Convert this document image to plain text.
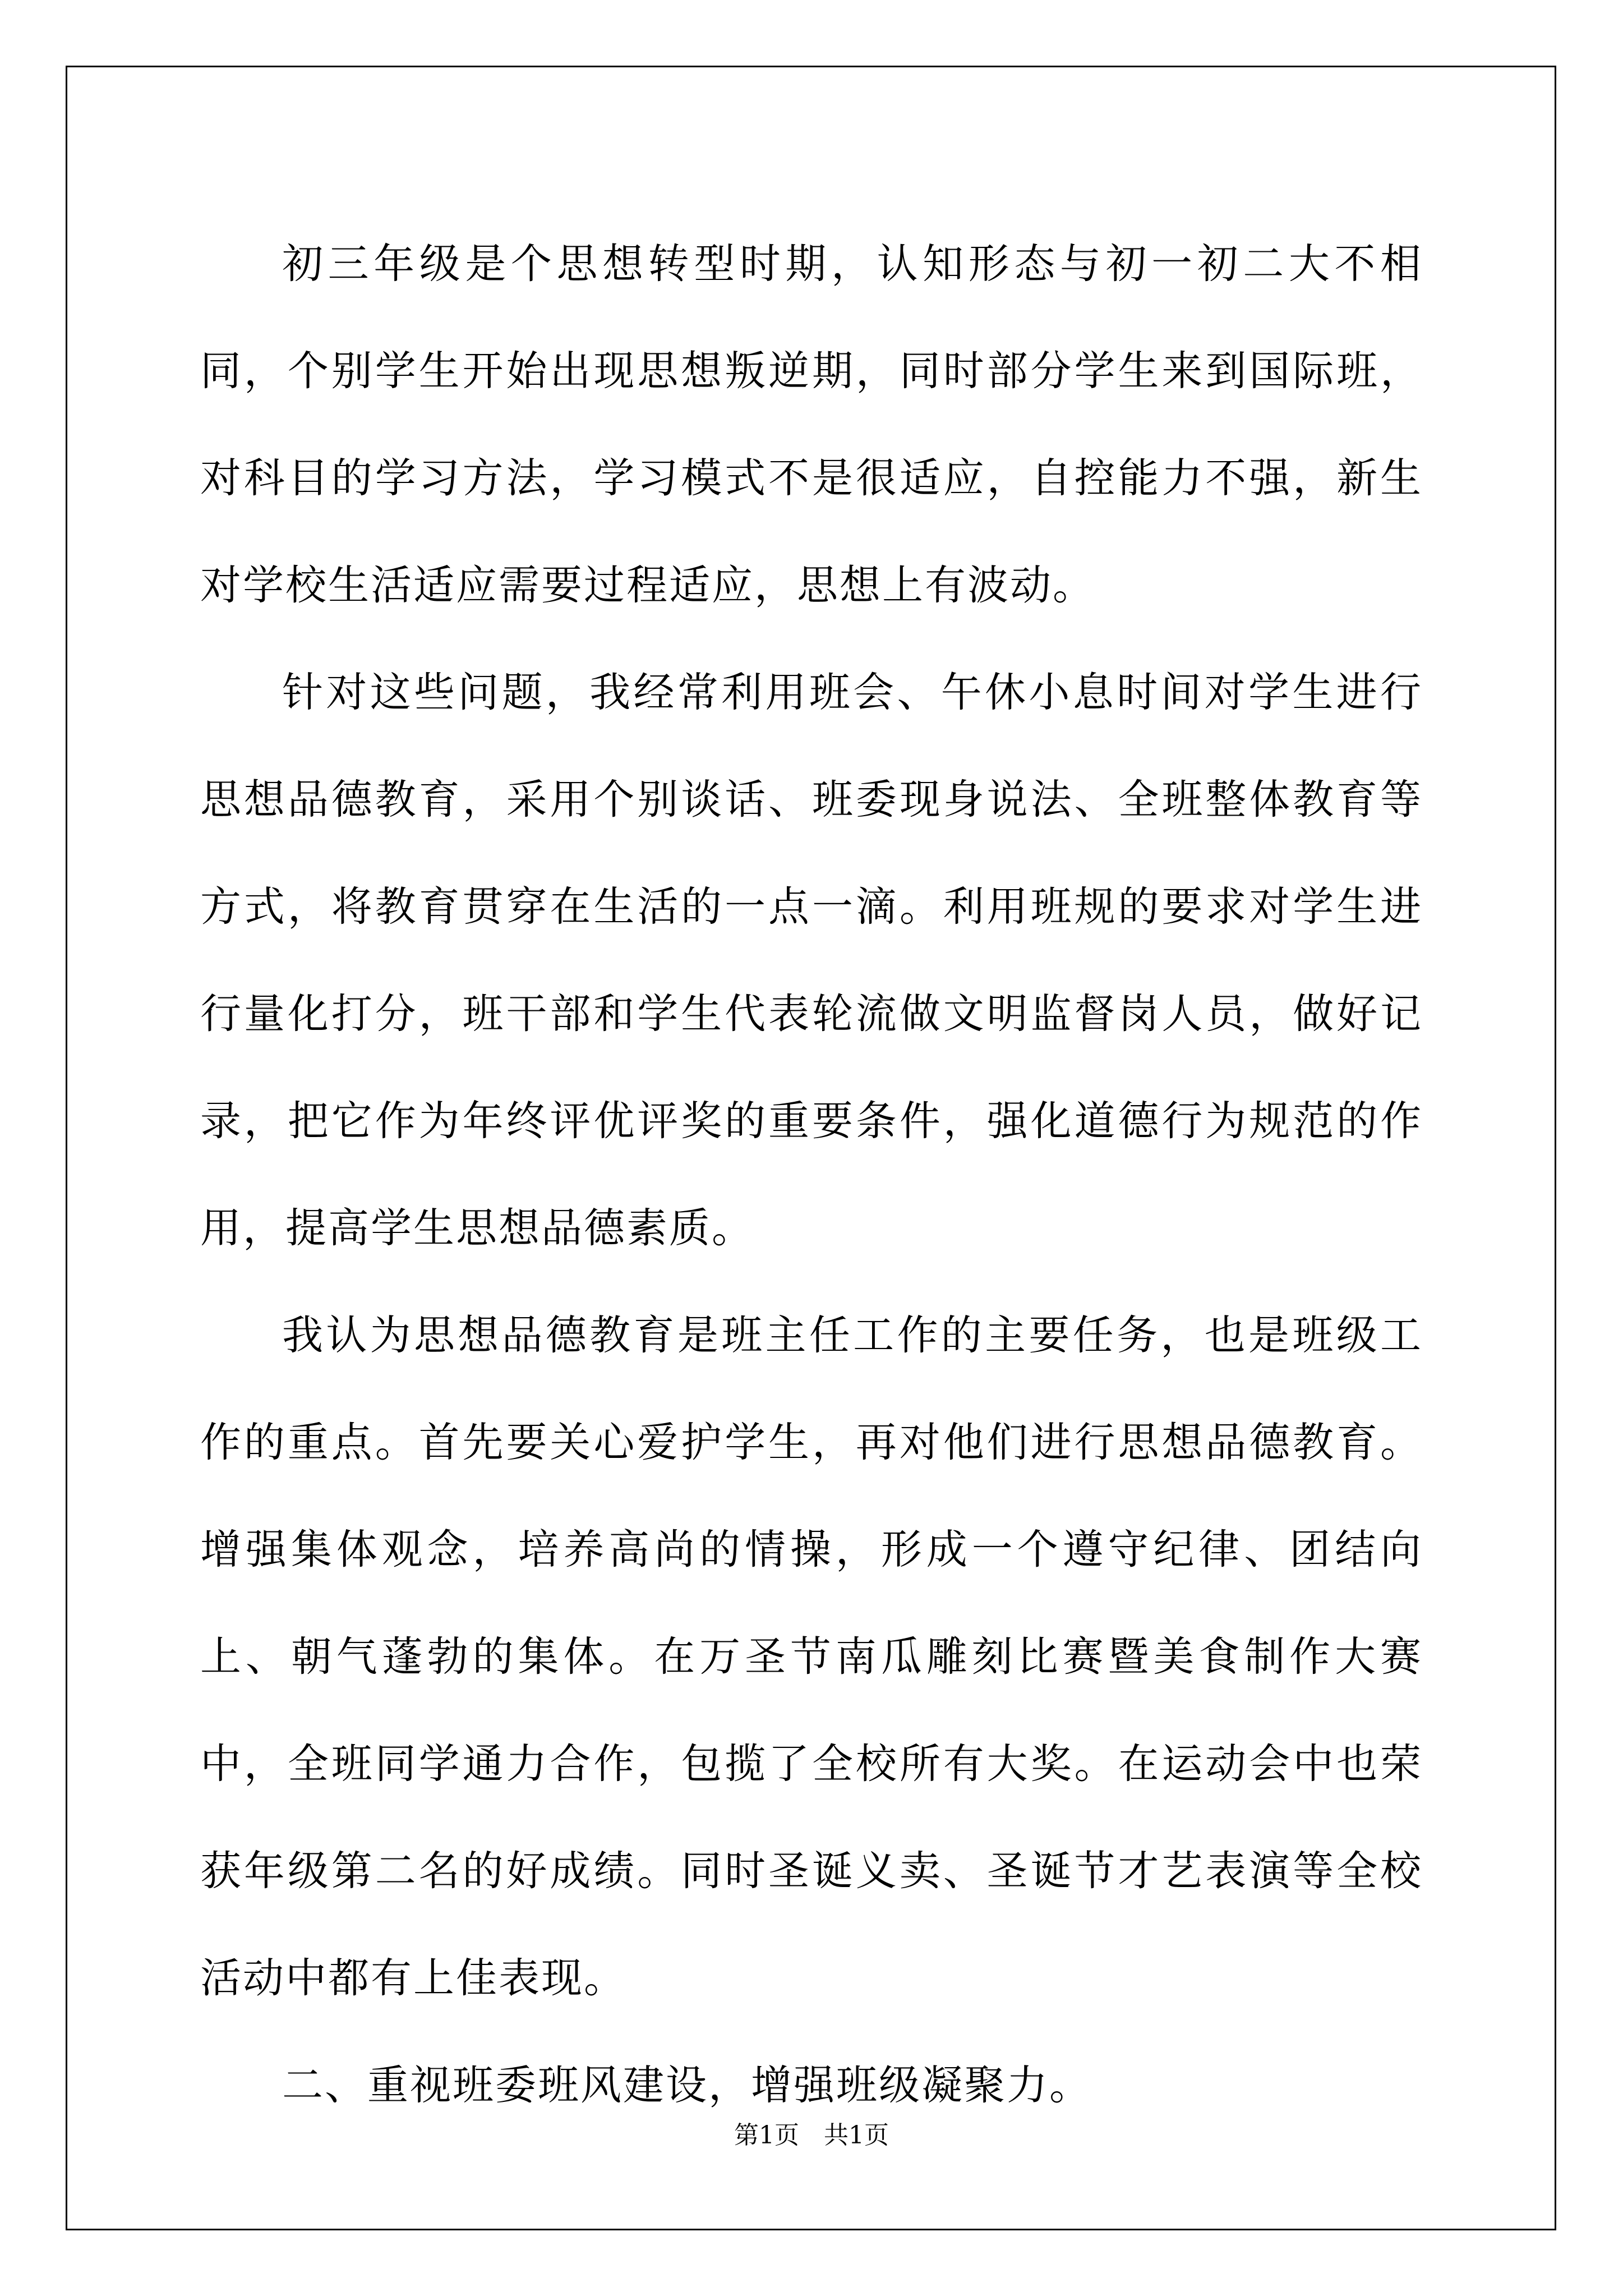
初三年级是个思想转型时期，认知形态与初一初二大不相同，个别学生开始出现思想叛逆期，同时部分学生来到国际班，对科目的学习方法，学习模式不是很适应，自控能力不强，新生对学校生活适应需要过程适应，思想上有波动。

针对这些问题，我经常利用班会、午休小息时间对学生进行思想品德教育，采用个别谈话、班委现身说法、全班整体教育等方式，将教育贯穿在生活的一点一滴。利用班规的要求对学生进行量化打分，班干部和学生代表轮流做文明监督岗人员，做好记录，把它作为年终评优评奖的重要条件，强化道德行为规范的作用，提高学生思想品德素质。

我认为思想品德教育是班主任工作的主要任务，也是班级工作的重点。首先要关心爱护学生，再对他们进行思想品德教育。增强集体观念，培养高尚的情操，形成一个遵守纪律、团结向上、朝气蓬勃的集体。在万圣节南瓜雕刻比赛暨美食制作大赛中，全班同学通力合作，包揽了全校所有大奖。在运动会中也荣获年级第二名的好成绩。同时圣诞义卖、圣诞节才艺表演等全校活动中都有上佳表现。

二、重视班委班风建设，增强班级凝聚力。

第1页　共1页
